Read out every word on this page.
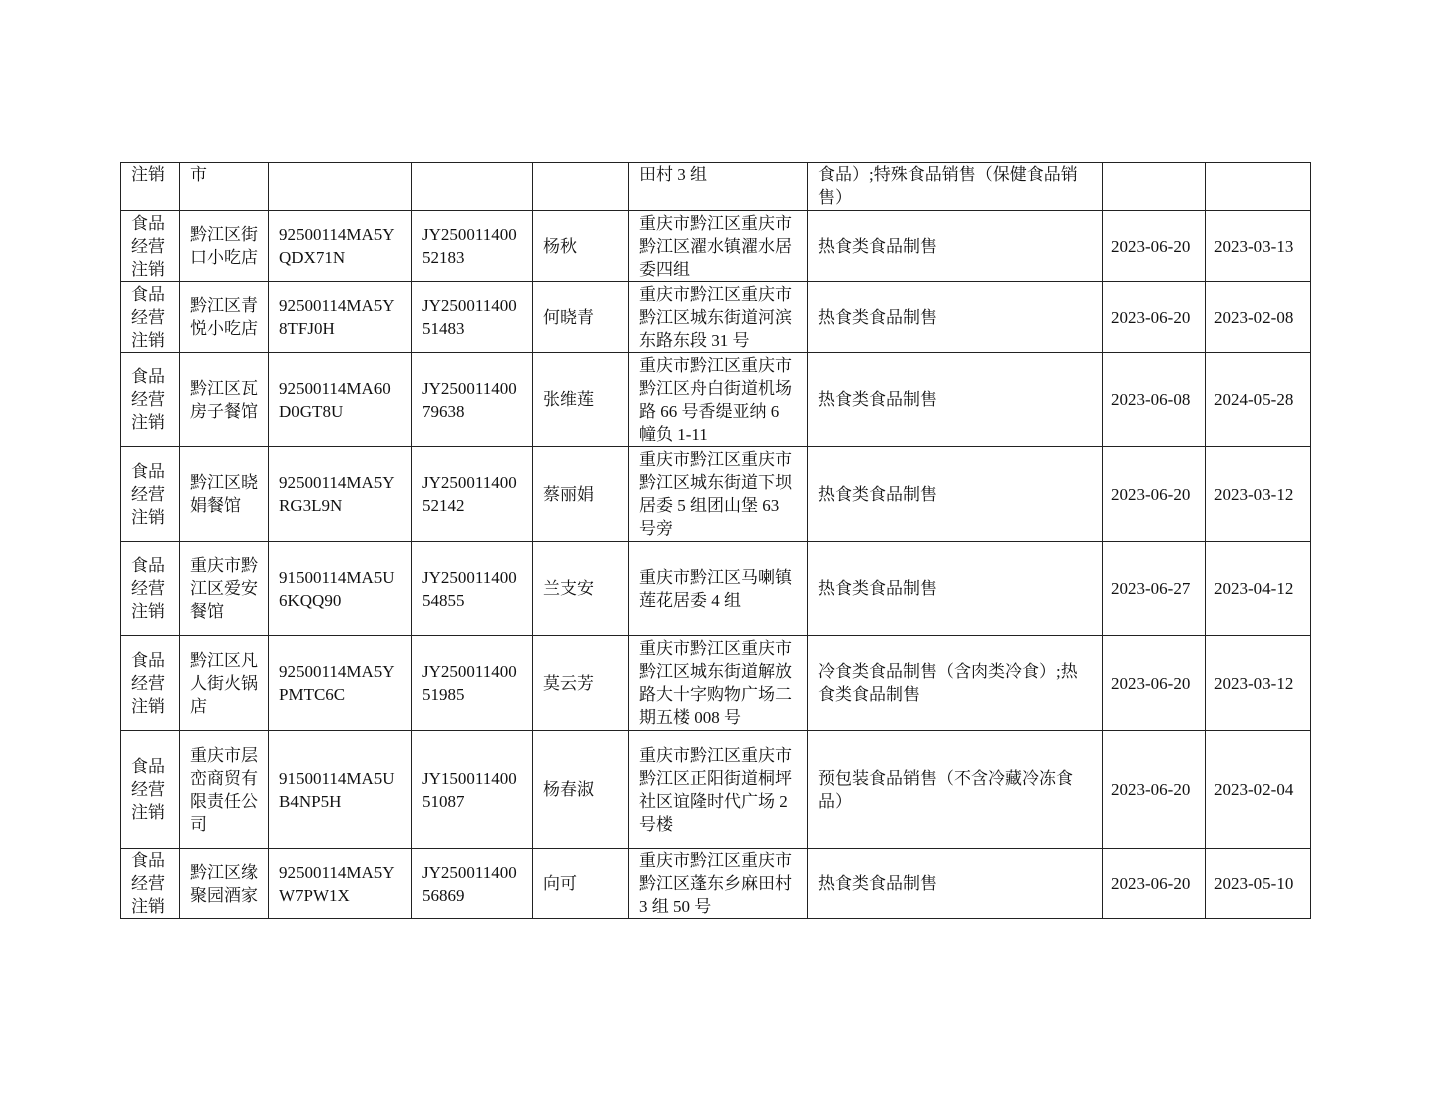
注销	市				田村 3 组	食品）;特殊食品销售（保健食品销售）		
食品经营注销	黔江区街口小吃店	92500114MA5YQDX71N	JY25001140052183	杨秋	重庆市黔江区重庆市黔江区濯水镇濯水居委四组	热食类食品制售	2023-06-20	2023-03-13
食品经营注销	黔江区青悦小吃店	92500114MA5Y8TFJ0H	JY25001140051483	何晓青	重庆市黔江区重庆市黔江区城东街道河滨东路东段 31 号	热食类食品制售	2023-06-20	2023-02-08
食品经营注销	黔江区瓦房子餐馆	92500114MA60D0GT8U	JY25001140079638	张维莲	重庆市黔江区重庆市黔江区舟白街道机场路 66 号香缇亚纳 6 幢负 1-11	热食类食品制售	2023-06-08	2024-05-28
食品经营注销	黔江区晓娟餐馆	92500114MA5YRG3L9N	JY25001140052142	蔡丽娟	重庆市黔江区重庆市黔江区城东街道下坝居委 5 组团山堡 63 号旁	热食类食品制售	2023-06-20	2023-03-12
食品经营注销	重庆市黔江区爱安餐馆	91500114MA5U6KQQ90	JY25001140054855	兰支安	重庆市黔江区马喇镇莲花居委 4 组	热食类食品制售	2023-06-27	2023-04-12
食品经营注销	黔江区凡人街火锅店	92500114MA5YPMTC6C	JY25001140051985	莫云芳	重庆市黔江区重庆市黔江区城东街道解放路大十字购物广场二期五楼 008 号	冷食类食品制售（含肉类冷食）;热食类食品制售	2023-06-20	2023-03-12
食品经营注销	重庆市层峦商贸有限责任公司	91500114MA5UB4NP5H	JY15001140051087	杨春淑	重庆市黔江区重庆市黔江区正阳街道桐坪社区谊隆时代广场 2 号楼	预包装食品销售（不含冷藏冷冻食品）	2023-06-20	2023-02-04
食品经营注销	黔江区缘聚园酒家	92500114MA5YW7PW1X	JY25001140056869	向可	重庆市黔江区重庆市黔江区蓬东乡麻田村 3 组 50 号	热食类食品制售	2023-06-20	2023-05-10
